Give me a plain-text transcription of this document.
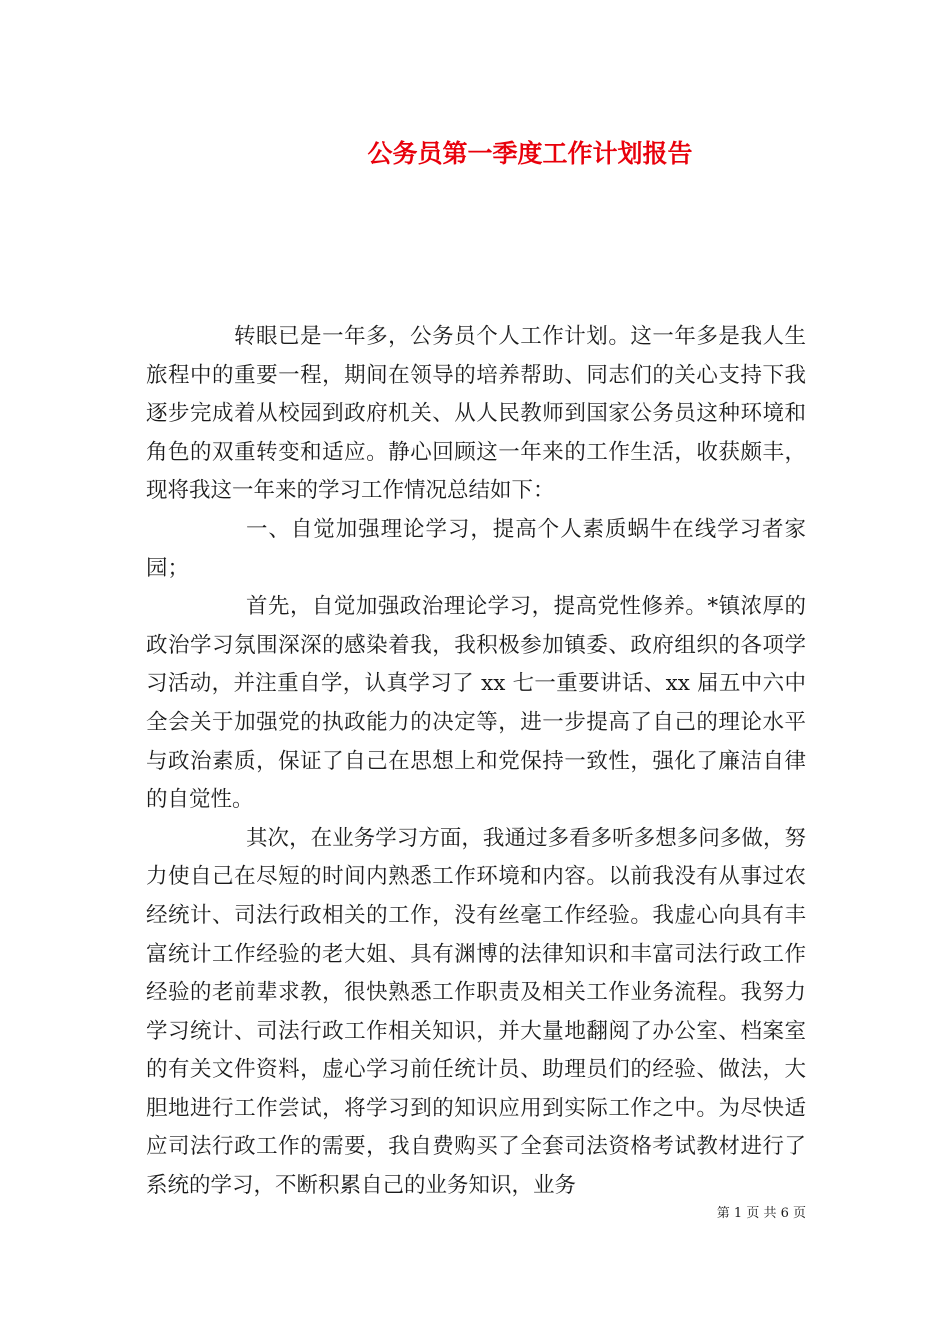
公务员第一季度工作计划报告

转眼已是一年多，公务员个人工作计划。这一年多是我人生旅程中的重要一程，期间在领导的培养帮助、同志们的关心支持下我逐步完成着从校园到政府机关、从人民教师到国家公务员这种环境和角色的双重转变和适应。静心回顾这一年来的工作生活，收获颇丰，现将我这一年来的学习工作情况总结如下：

一、自觉加强理论学习，提高个人素质蜗牛在线学习者家园；

首先，自觉加强政治理论学习，提高党性修养。*镇浓厚的政治学习氛围深深的感染着我，我积极参加镇委、政府组织的各项学习活动，并注重自学，认真学习了 xx 七一重要讲话、xx 届五中六中全会关于加强党的执政能力的决定等，进一步提高了自己的理论水平与政治素质，保证了自己在思想上和党保持一致性，强化了廉洁自律的自觉性。

其次，在业务学习方面，我通过多看多听多想多问多做，努力使自己在尽短的时间内熟悉工作环境和内容。以前我没有从事过农经统计、司法行政相关的工作，没有丝毫工作经验。我虚心向具有丰富统计工作经验的老大姐、具有渊博的法律知识和丰富司法行政工作经验的老前辈求教，很快熟悉工作职责及相关工作业务流程。我努力学习统计、司法行政工作相关知识，并大量地翻阅了办公室、档案室的有关文件资料，虚心学习前任统计员、助理员们的经验、做法，大胆地进行工作尝试，将学习到的知识应用到实际工作之中。为尽快适应司法行政工作的需要，我自费购买了全套司法资格考试教材进行了系统的学习，不断积累自己的业务知识，业务

第 1 页 共 6 页
